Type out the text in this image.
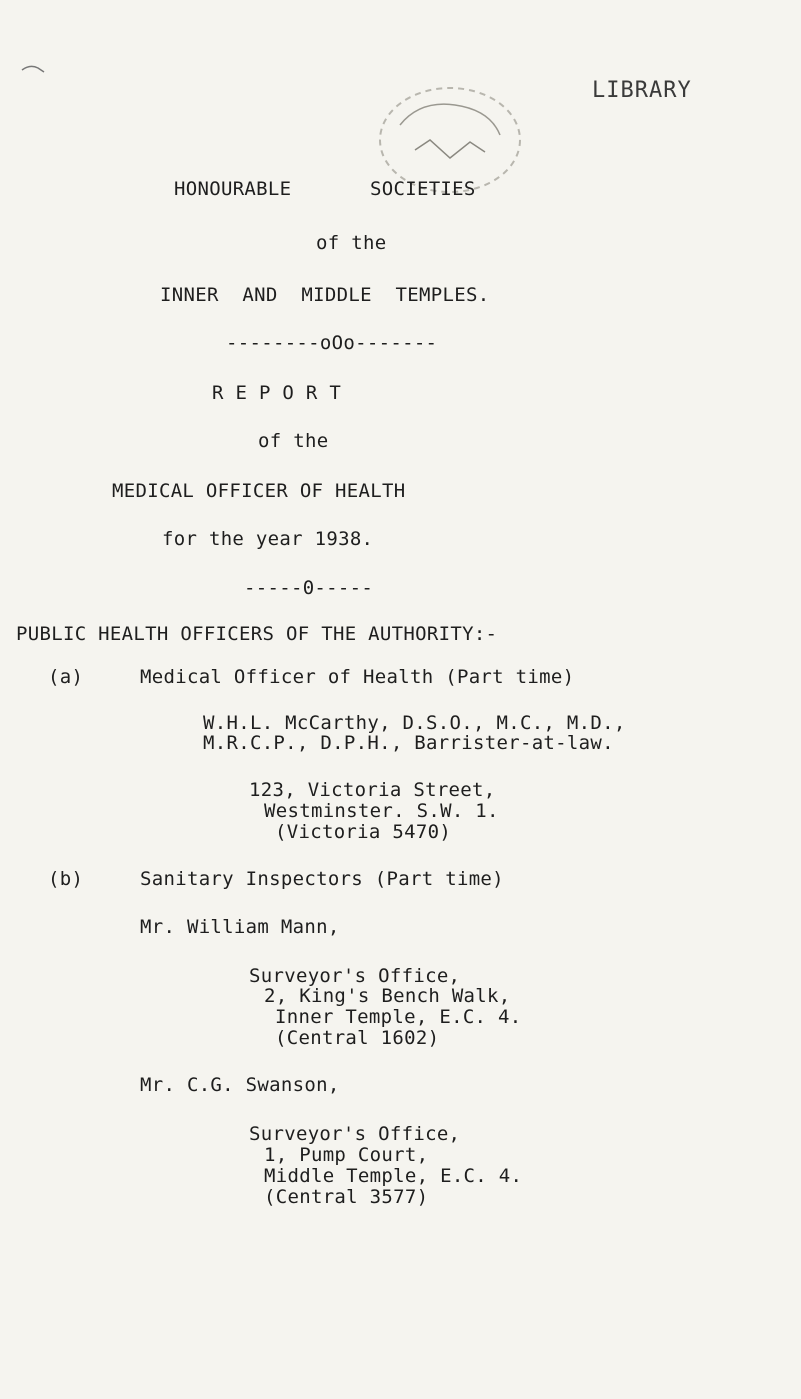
LIBRARY
HONOURABLE	SOCIETIES
of the
INNER AND MIDDLE TEMPLES.
--------oOo-------
R E P O R T
of the
MEDICAL OFFICER OF HEALTH
for the year 1938.
-----0-----
PUBLIC HEALTH OFFICERS OF THE AUTHORITY:-
(a)	Medical Officer of Health (Part time)
W.H.L. McCarthy, D.S.O., M.C., M.D.,
M.R.C.P., D.P.H., Barrister-at-law.
123, Victoria Street,
Westminster. S.W. 1.
(Victoria 5470)
(b)	Sanitary Inspectors (Part time)
Mr. William Mann,
Surveyor's Office,
2, King's Bench Walk,
Inner Temple, E.C. 4.
(Central 1602)
Mr. C.G. Swanson,
Surveyor's Office,
1, Pump Court,
Middle Temple, E.C. 4.
(Central 3577)
